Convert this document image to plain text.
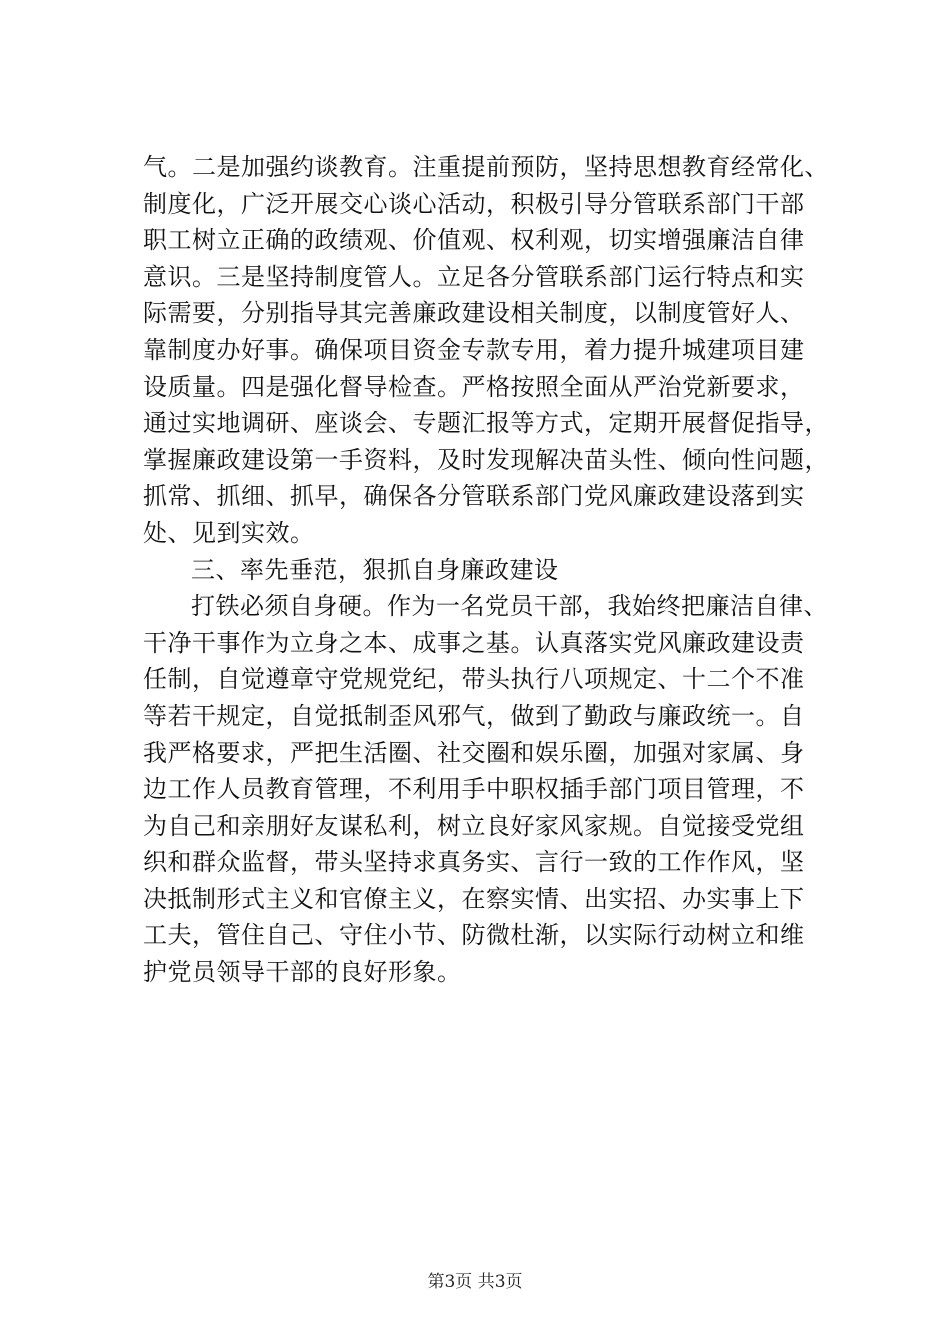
气。二是加强约谈教育。注重提前预防，坚持思想教育经常化、
制度化，广泛开展交心谈心活动，积极引导分管联系部门干部
职工树立正确的政绩观、价值观、权利观，切实增强廉洁自律
意识。三是坚持制度管人。立足各分管联系部门运行特点和实
际需要，分别指导其完善廉政建设相关制度，以制度管好人、
靠制度办好事。确保项目资金专款专用，着力提升城建项目建
设质量。四是强化督导检查。严格按照全面从严治党新要求，
通过实地调研、座谈会、专题汇报等方式，定期开展督促指导，
掌握廉政建设第一手资料，及时发现解决苗头性、倾向性问题，
抓常、抓细、抓早，确保各分管联系部门党风廉政建设落到实
处、见到实效。
三、率先垂范，狠抓自身廉政建设
打铁必须自身硬。作为一名党员干部，我始终把廉洁自律、
干净干事作为立身之本、成事之基。认真落实党风廉政建设责
任制，自觉遵章守党规党纪，带头执行八项规定、十二个不准
等若干规定，自觉抵制歪风邪气，做到了勤政与廉政统一。自
我严格要求，严把生活圈、社交圈和娱乐圈，加强对家属、身
边工作人员教育管理，不利用手中职权插手部门项目管理，不
为自己和亲朋好友谋私利，树立良好家风家规。自觉接受党组
织和群众监督，带头坚持求真务实、言行一致的工作作风，坚
决抵制形式主义和官僚主义，在察实情、出实招、办实事上下
工夫，管住自己、守住小节、防微杜渐，以实际行动树立和维
护党员领导干部的良好形象。
第3页 共3页
